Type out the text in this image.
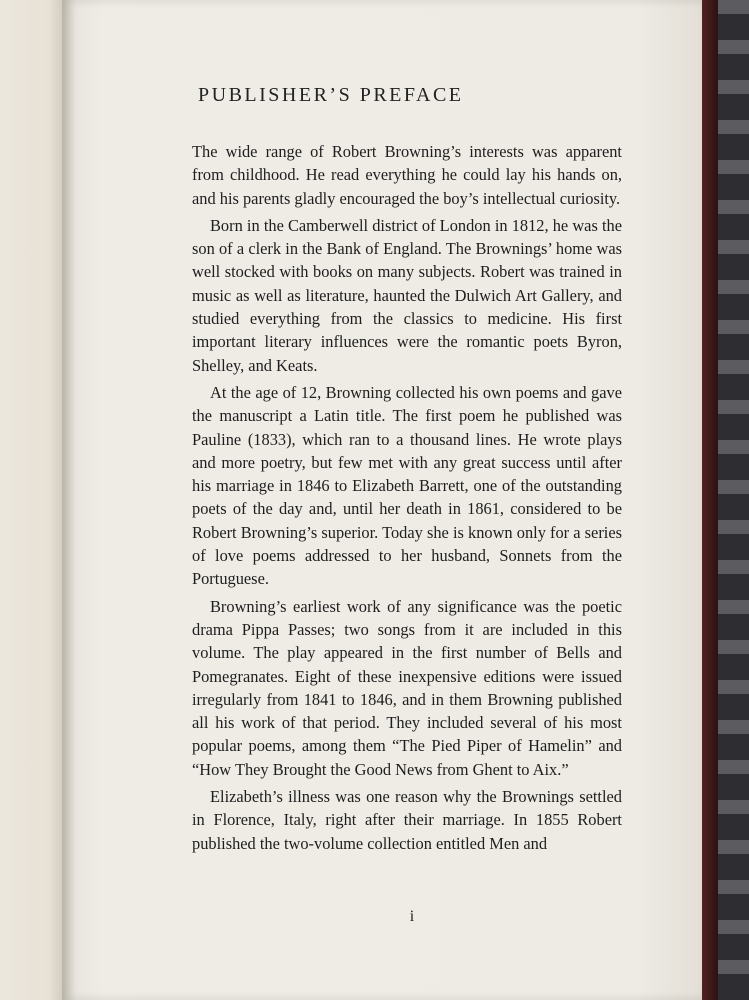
PUBLISHER’S PREFACE

The wide range of Robert Browning’s interests was apparent from childhood. He read everything he could lay his hands on, and his parents gladly encouraged the boy’s intellectual curiosity.

Born in the Camberwell district of London in 1812, he was the son of a clerk in the Bank of England. The Brownings’ home was well stocked with books on many subjects. Robert was trained in music as well as literature, haunted the Dulwich Art Gallery, and studied everything from the classics to medicine. His first important literary influences were the romantic poets Byron, Shelley, and Keats.

At the age of 12, Browning collected his own poems and gave the manuscript a Latin title. The first poem he published was Pauline (1833), which ran to a thousand lines. He wrote plays and more poetry, but few met with any great success until after his marriage in 1846 to Elizabeth Barrett, one of the outstanding poets of the day and, until her death in 1861, considered to be Robert Browning’s superior. Today she is known only for a series of love poems addressed to her husband, Sonnets from the Portuguese.

Browning’s earliest work of any significance was the poetic drama Pippa Passes; two songs from it are included in this volume. The play appeared in the first number of Bells and Pomegranates. Eight of these inexpensive editions were issued irregularly from 1841 to 1846, and in them Browning published all his work of that period. They included several of his most popular poems, among them “The Pied Piper of Hamelin” and “How They Brought the Good News from Ghent to Aix.”

Elizabeth’s illness was one reason why the Brownings settled in Florence, Italy, right after their marriage. In 1855 Robert published the two-volume collection entitled Men and

i
